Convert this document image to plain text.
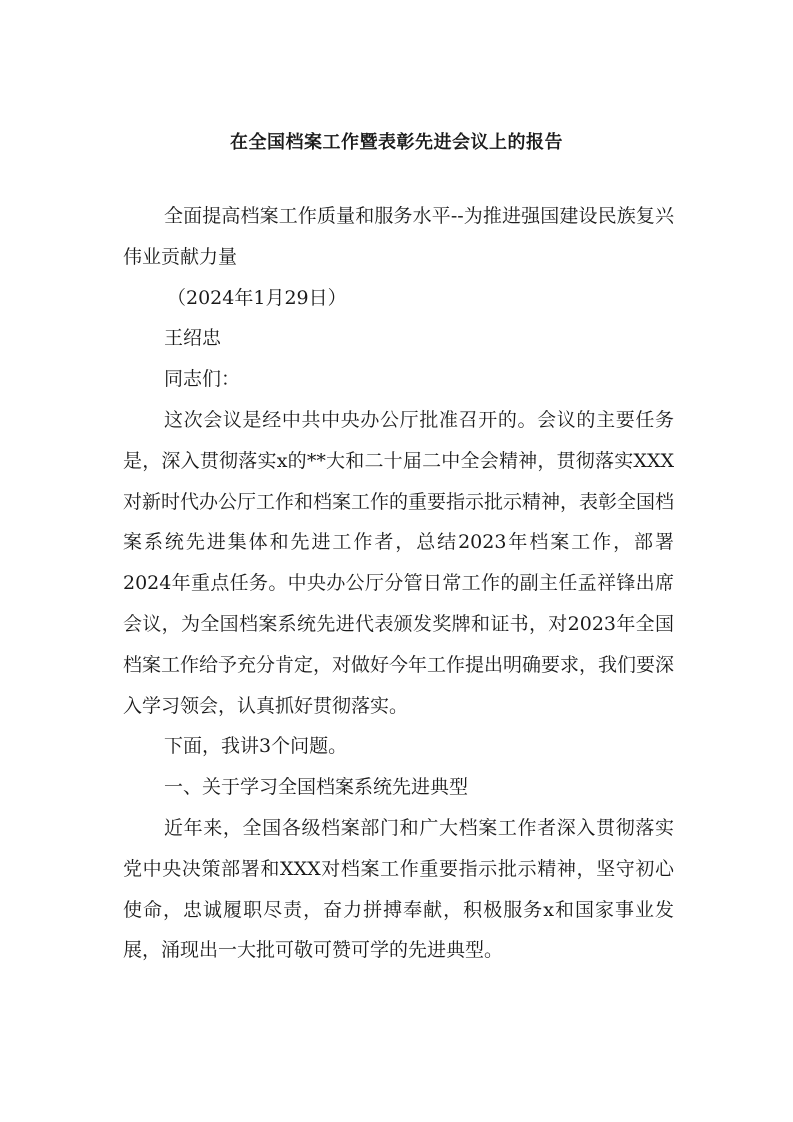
在全国档案工作暨表彰先进会议上的报告

全面提高档案工作质量和服务水平--为推进强国建设民族复兴伟业贡献力量

（2024年1月29日）

王绍忠

同志们：

这次会议是经中共中央办公厅批准召开的。会议的主要任务是，深入贯彻落实x的**大和二十届二中全会精神，贯彻落实XXX对新时代办公厅工作和档案工作的重要指示批示精神，表彰全国档案系统先进集体和先进工作者，总结2023年档案工作，部署2024年重点任务。中央办公厅分管日常工作的副主任孟祥锋出席会议，为全国档案系统先进代表颁发奖牌和证书，对2023年全国档案工作给予充分肯定，对做好今年工作提出明确要求，我们要深入学习领会，认真抓好贯彻落实。

下面，我讲3个问题。

一、关于学习全国档案系统先进典型

近年来，全国各级档案部门和广大档案工作者深入贯彻落实党中央决策部署和XXX对档案工作重要指示批示精神，坚守初心使命，忠诚履职尽责，奋力拼搏奉献，积极服务x和国家事业发展，涌现出一大批可敬可赞可学的先进典型。
